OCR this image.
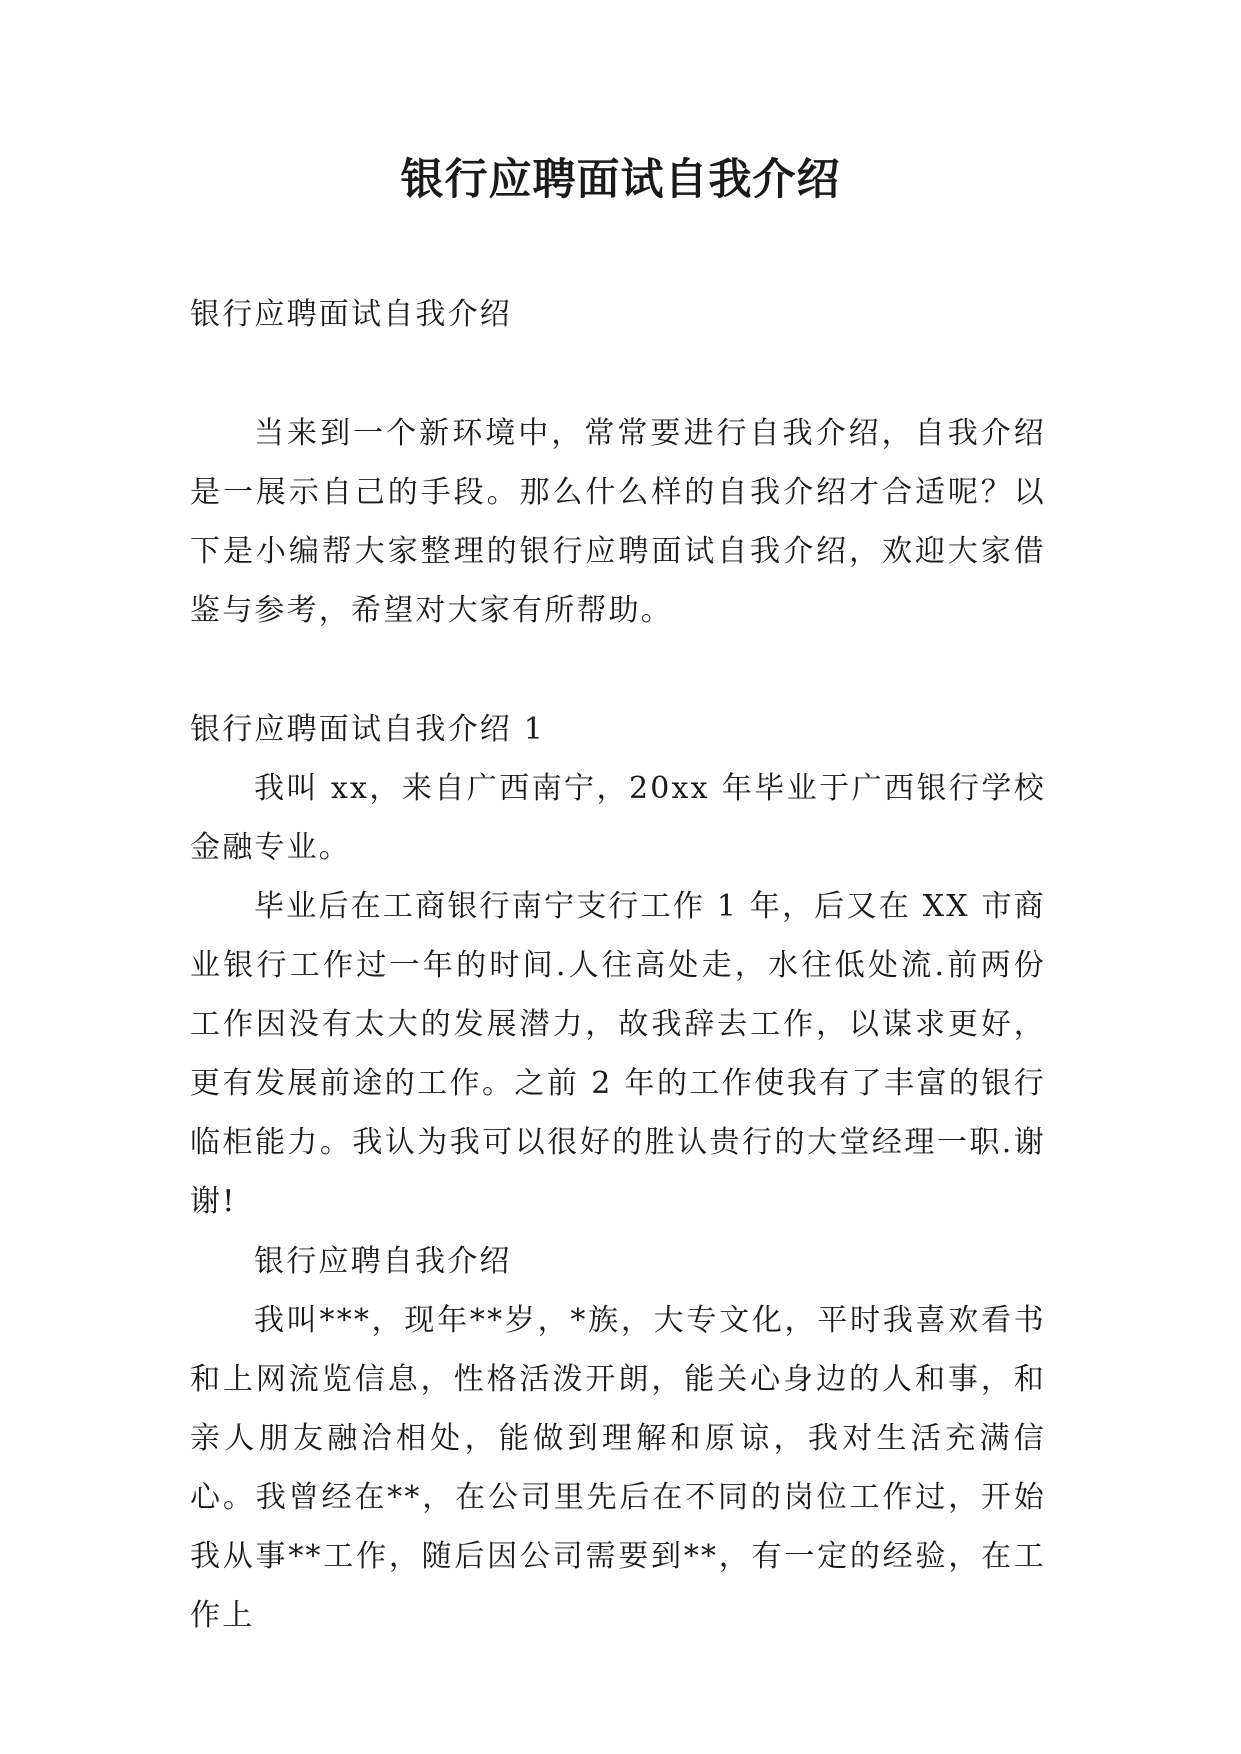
银行应聘面试自我介绍

银行应聘面试自我介绍

当来到一个新环境中，常常要进行自我介绍，自我介绍是一展示自己的手段。那么什么样的自我介绍才合适呢？以下是小编帮大家整理的银行应聘面试自我介绍，欢迎大家借鉴与参考，希望对大家有所帮助。

银行应聘面试自我介绍 1

我叫 xx，来自广西南宁，20xx 年毕业于广西银行学校金融专业。

毕业后在工商银行南宁支行工作 1 年，后又在 XX 市商业银行工作过一年的时间.人往高处走，水往低处流.前两份工作因没有太大的发展潜力，故我辞去工作，以谋求更好，更有发展前途的工作。之前 2 年的工作使我有了丰富的银行临柜能力。我认为我可以很好的胜认贵行的大堂经理一职.谢谢!

银行应聘自我介绍

我叫***，现年**岁，*族，大专文化，平时我喜欢看书和上网流览信息，性格活泼开朗，能关心身边的人和事，和亲人朋友融洽相处，能做到理解和原谅，我对生活充满信心。我曾经在**，在公司里先后在不同的岗位工作过，开始我从事**工作，随后因公司需要到**，有一定的经验，在工作上
